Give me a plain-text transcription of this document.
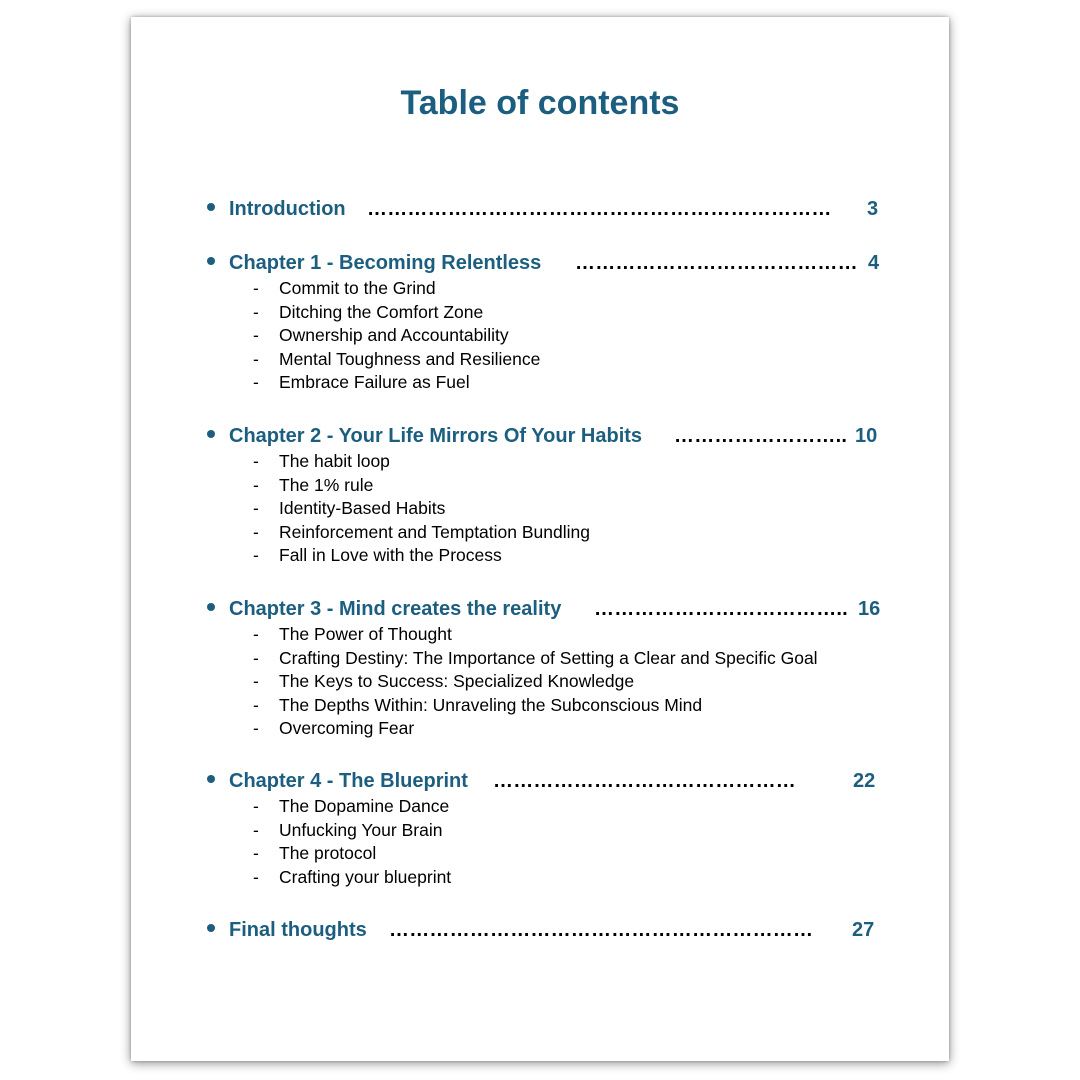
Table of contents
Introduction ……………………………………………………………	3
Chapter 1 - Becoming Relentless …………………………………… 4
- Commit to the Grind
- Ditching the Comfort Zone
- Ownership and Accountability
- Mental Toughness and Resilience
- Embrace Failure as Fuel
Chapter 2 - Your Life Mirrors Of Your Habits …………………….. 10
- The habit loop
- The 1% rule
- Identity-Based Habits
- Reinforcement and Temptation Bundling
- Fall in Love with the Process
Chapter 3 - Mind creates the reality ……………………………….. 16
- The Power of Thought
- Crafting Destiny: The Importance of Setting a Clear and Specific Goal
- The Keys to Success: Specialized Knowledge
- The Depths Within: Unraveling the Subconscious Mind
- Overcoming Fear
Chapter 4 - The Blueprint ………………………………………	22
- The Dopamine Dance
- Unfucking Your Brain
- The protocol
- Crafting your blueprint
Final thoughts ………………………………………………………	27
